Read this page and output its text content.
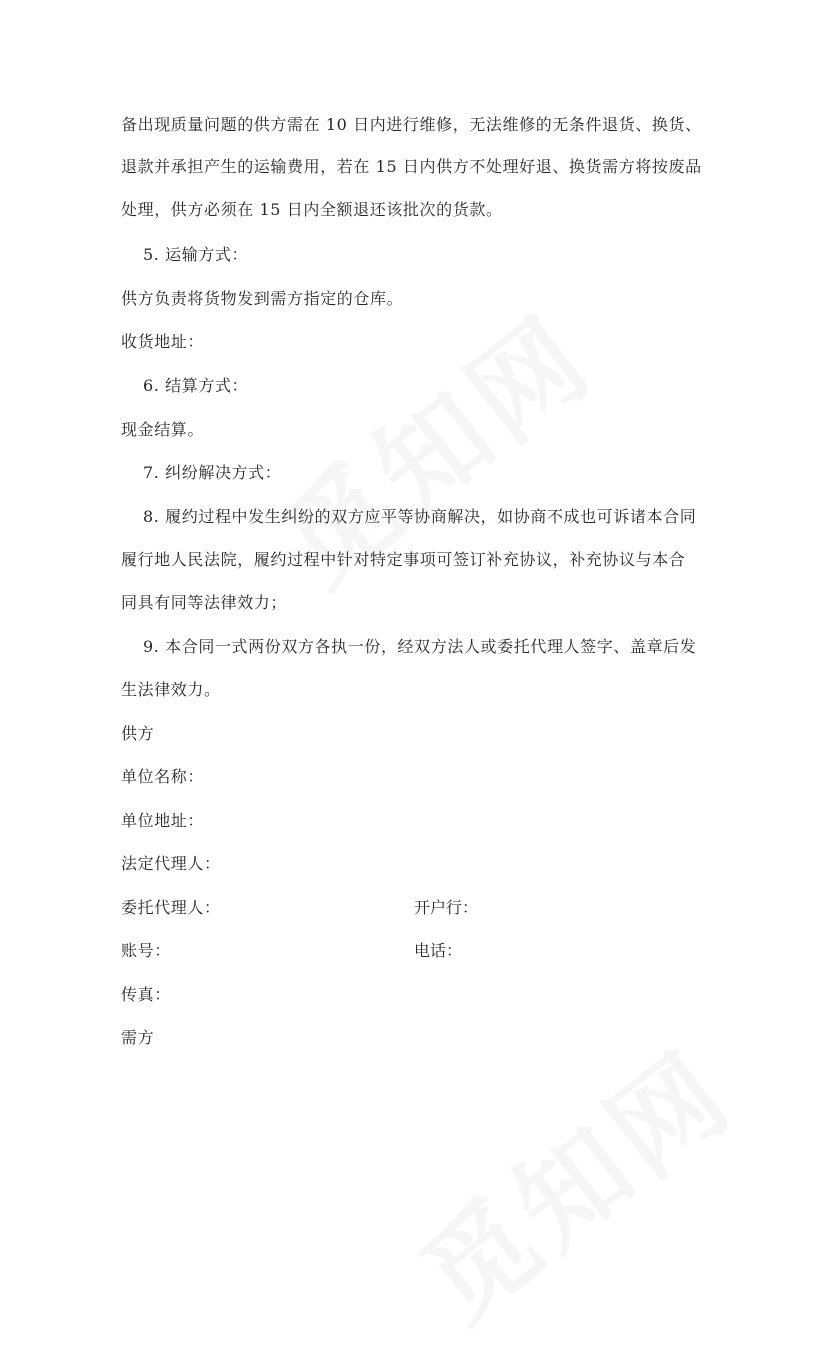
备出现质量问题的供方需在 10 日内进行维修，无法维修的无条件退货、换货、
退款并承担产生的运输费用，若在 15 日内供方不处理好退、换货需方将按废品
处理，供方必须在 15 日内全额退还该批次的货款。
5. 运输方式：
供方负责将货物发到需方指定的仓库。
收货地址：
6. 结算方式：
现金结算。
7. 纠纷解决方式：
8. 履约过程中发生纠纷的双方应平等协商解决，如协商不成也可诉诸本合同
履行地人民法院，履约过程中针对特定事项可签订补充协议，补充协议与本合
同具有同等法律效力；
9. 本合同一式两份双方各执一份，经双方法人或委托代理人签字、盖章后发
生法律效力。
供方
单位名称：
单位地址：
法定代理人：
委托代理人：	开户行：
账号：	电话：
传真：
需方
